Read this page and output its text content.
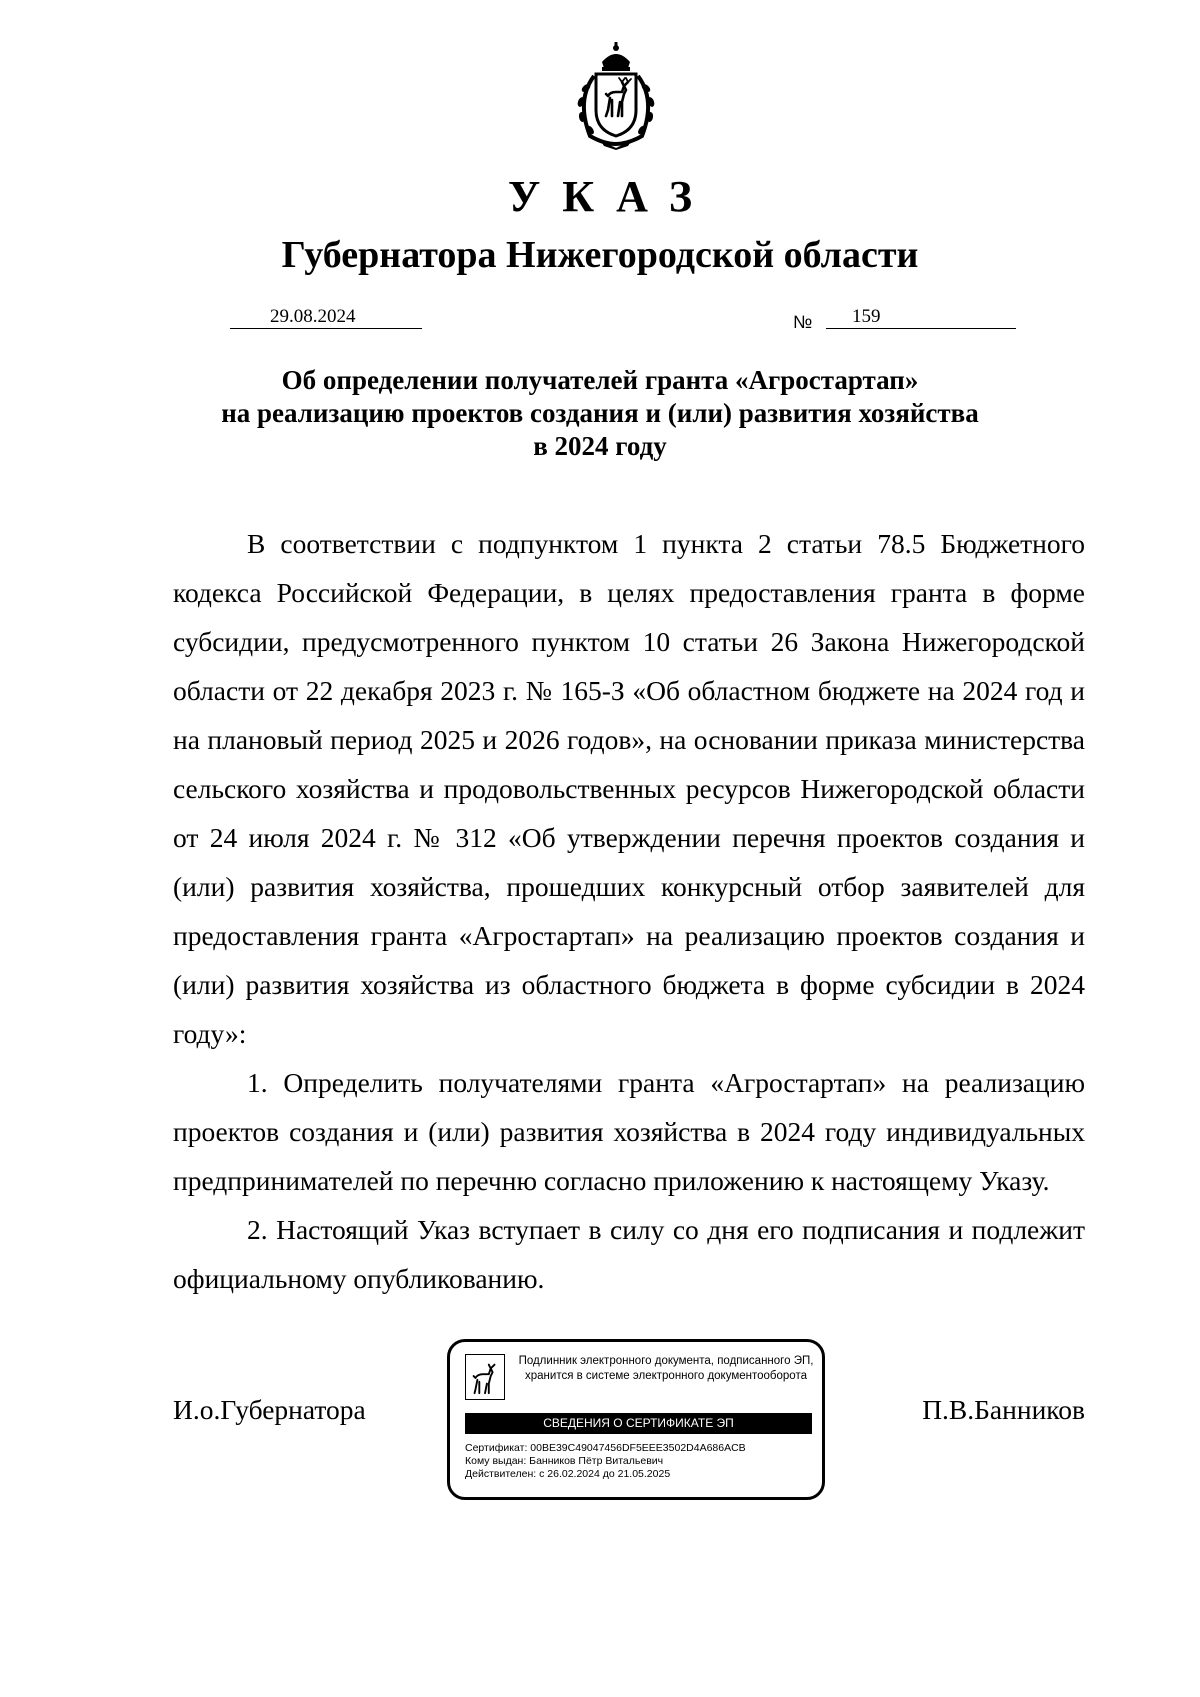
УКАЗ
Губернатора Нижегородской области
29.08.2024	№	159
Об определении получателей гранта «Агростартап»
на реализацию проектов создания и (или) развития хозяйства
в 2024 году

В соответствии с подпунктом 1 пункта 2 статьи 78.5 Бюджетного кодекса Российской Федерации, в целях предоставления гранта в форме субсидии, предусмотренного пунктом 10 статьи 26 Закона Нижегородской области от 22 декабря 2023 г. № 165-З «Об областном бюджете на 2024 год и на плановый период 2025 и 2026 годов», на основании приказа министерства сельского хозяйства и продовольственных ресурсов Нижегородской области от 24 июля 2024 г. № 312 «Об утверждении перечня проектов создания и (или) развития хозяйства, прошедших конкурсный отбор заявителей для предоставления гранта «Агростартап» на реализацию проектов создания и (или) развития хозяйства из областного бюджета в форме субсидии в 2024 году»:

1. Определить получателями гранта «Агростартап» на реализацию проектов создания и (или) развития хозяйства в 2024 году индивидуальных предпринимателей по перечню согласно приложению к настоящему Указу.

2. Настоящий Указ вступает в силу со дня его подписания и подлежит официальному опубликованию.

И.о.Губернатора	П.В.Банников
Подлинник электронного документа, подписанного ЭП,
хранится в системе электронного документооборота
СВЕДЕНИЯ О СЕРТИФИКАТЕ ЭП
Сертификат: 00BE39C49047456DF5EEE3502D4A686ACB
Кому выдан: Банников Пётр Витальевич
Действителен: с 26.02.2024 до 21.05.2025
